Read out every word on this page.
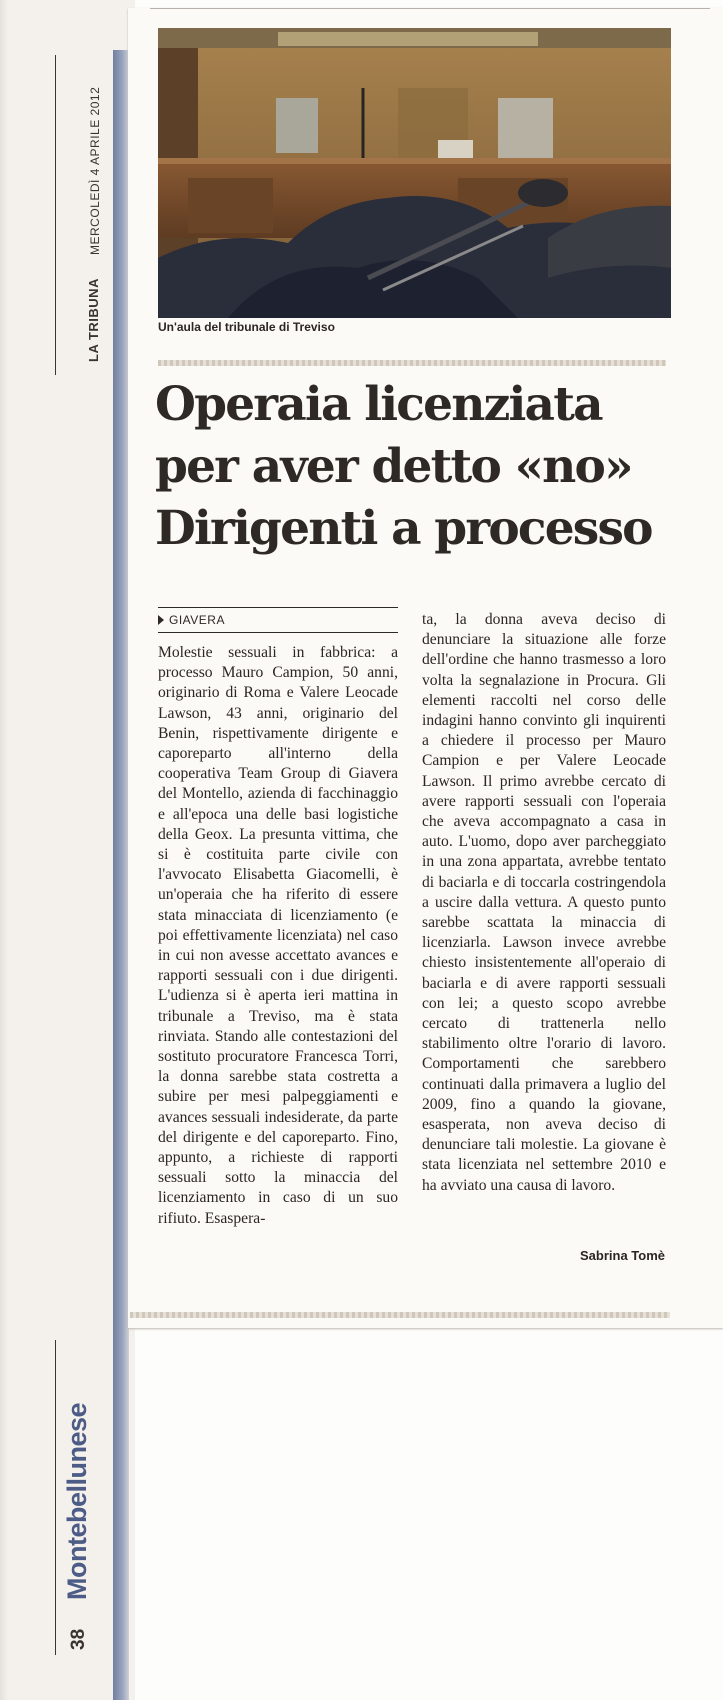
LA TRIBUNA
MERCOLEDÌ 4 APRILE 2012
Montebellunese
38
Un'aula del tribunale di Treviso
Operaia licenziata
per aver detto «no»
Dirigenti a processo
GIAVERA
Molestie sessuali in fabbrica: a processo Mauro Campion, 50 anni, originario di Roma e Valere Leocade Lawson, 43 anni, originario del Benin, rispettivamente dirigente e caporeparto all'interno della cooperativa Team Group di Giavera del Montello, azienda di facchinaggio e all'epoca una delle basi logistiche della Geox. La presunta vittima, che si è costituita parte civile con l'avvocato Elisabetta Giacomelli, è un'operaia che ha riferito di essere stata minacciata di licenziamento (e poi effettivamente licenziata) nel caso in cui non avesse accettato avances e rapporti sessuali con i due dirigenti. L'udienza si è aperta ieri mattina in tribunale a Treviso, ma è stata rinviata. Stando alle contestazioni del sostituto procuratore Francesca Torri, la donna sarebbe stata costretta a subire per mesi palpeggiamenti e avances sessuali indesiderate, da parte del dirigente e del caporeparto. Fino, appunto, a richieste di rapporti sessuali sotto la minaccia del licenziamento in caso di un suo rifiuto. Esaspera-
ta, la donna aveva deciso di denunciare la situazione alle forze dell'ordine che hanno trasmesso a loro volta la segnalazione in Procura. Gli elementi raccolti nel corso delle indagini hanno convinto gli inquirenti a chiedere il processo per Mauro Campion e per Valere Leocade Lawson. Il primo avrebbe cercato di avere rapporti sessuali con l'operaia che aveva accompagnato a casa in auto. L'uomo, dopo aver parcheggiato in una zona appartata, avrebbe tentato di baciarla e di toccarla costringendola a uscire dalla vettura. A questo punto sarebbe scattata la minaccia di licenziarla. Lawson invece avrebbe chiesto insistentemente all'operaio di baciarla e di avere rapporti sessuali con lei; a questo scopo avrebbe cercato di trattenerla nello stabilimento oltre l'orario di lavoro. Comportamenti che sarebbero continuati dalla primavera a luglio del 2009, fino a quando la giovane, esasperata, non aveva deciso di denunciare tali molestie. La giovane è stata licenziata nel settembre 2010 e ha avviato una causa di lavoro.
Sabrina Tomè
